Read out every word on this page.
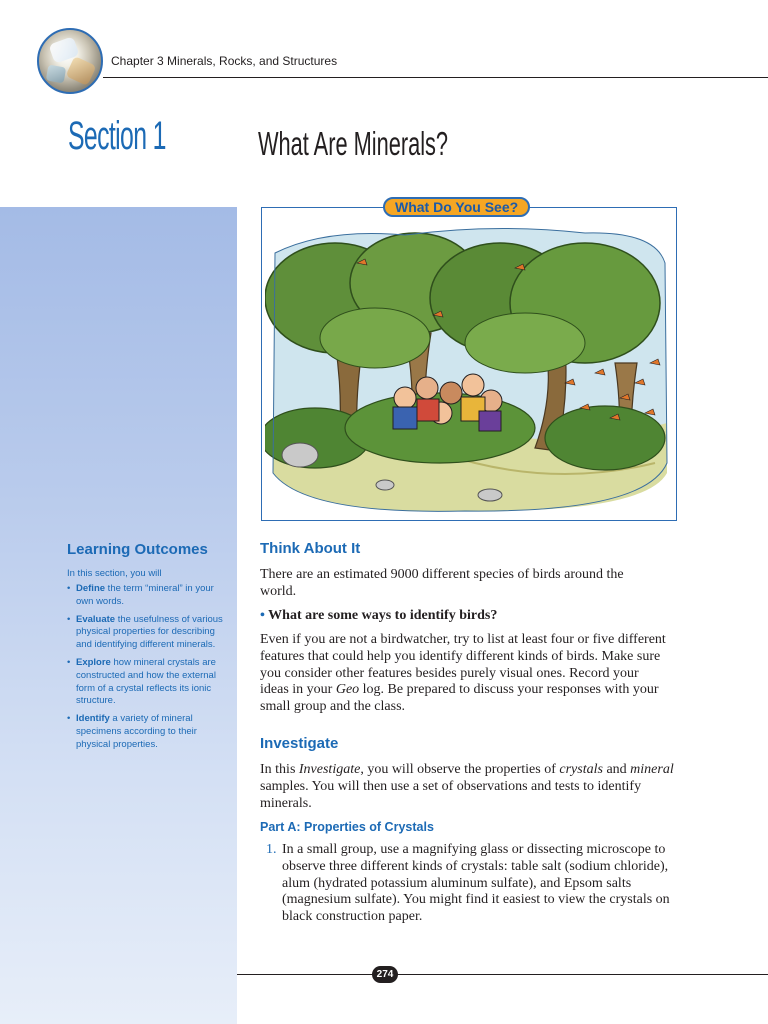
Chapter 3 Minerals, Rocks, and Structures
Section 1	What Are Minerals?
Learning Outcomes

In this section, you will

• Define the term “mineral” in your own words.
• Evaluate the usefulness of various physical properties for describing and identifying different minerals.
• Explore how mineral crystals are constructed and how the external form of a crystal reflects its ionic structure.
• Identify a variety of mineral specimens according to their physical properties.
What Do You See?
Think About It

There are an estimated 9000 different species of birds around the world.

• What are some ways to identify birds?

Even if you are not a birdwatcher, try to list at least four or five different features that could help you identify different kinds of birds. Make sure you consider other features besides purely visual ones. Record your ideas in your Geo log. Be prepared to discuss your responses with your small group and the class.

Investigate

In this Investigate, you will observe the properties of crystals and mineral samples. You will then use a set of observations and tests to identify minerals.

Part A: Properties of Crystals
1. In a small group, use a magnifying glass or dissecting microscope to observe three different kinds of crystals: table salt (sodium chloride), alum (hydrated potassium aluminum sulfate), and Epsom salts (magnesium sulfate). You might find it easiest to view the crystals on black construction paper.

274
